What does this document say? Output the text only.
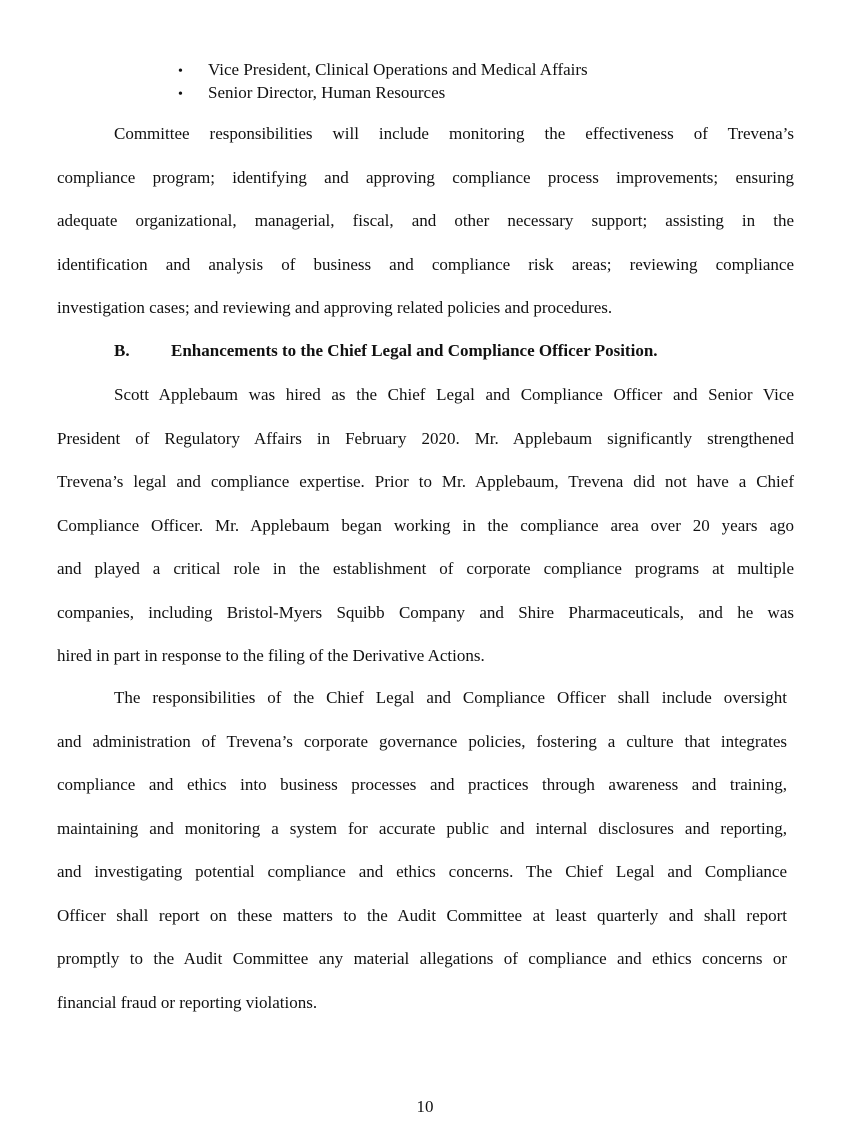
• Vice President, Clinical Operations and Medical Affairs
• Senior Director, Human Resources

Committee responsibilities will include monitoring the effectiveness of Trevena’s
compliance program; identifying and approving compliance process improvements; ensuring
adequate organizational, managerial, fiscal, and other necessary support; assisting in the
identification and analysis of business and compliance risk areas; reviewing compliance
investigation cases; and reviewing and approving related policies and procedures.

B. Enhancements to the Chief Legal and Compliance Officer Position.

Scott Applebaum was hired as the Chief Legal and Compliance Officer and Senior Vice
President of Regulatory Affairs in February 2020. Mr. Applebaum significantly strengthened
Trevena’s legal and compliance expertise. Prior to Mr. Applebaum, Trevena did not have a Chief
Compliance Officer. Mr. Applebaum began working in the compliance area over 20 years ago
and played a critical role in the establishment of corporate compliance programs at multiple
companies, including Bristol-Myers Squibb Company and Shire Pharmaceuticals, and he was
hired in part in response to the filing of the Derivative Actions.

The responsibilities of the Chief Legal and Compliance Officer shall include oversight
and administration of Trevena’s corporate governance policies, fostering a culture that integrates
compliance and ethics into business processes and practices through awareness and training,
maintaining and monitoring a system for accurate public and internal disclosures and reporting,
and investigating potential compliance and ethics concerns. The Chief Legal and Compliance
Officer shall report on these matters to the Audit Committee at least quarterly and shall report
promptly to the Audit Committee any material allegations of compliance and ethics concerns or
financial fraud or reporting violations.

10
